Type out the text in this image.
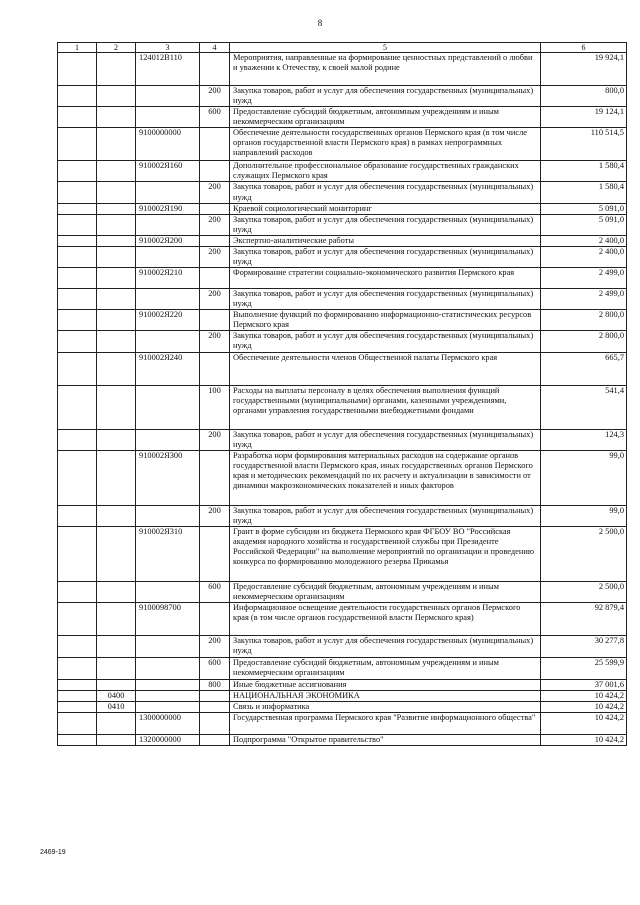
8
1	2	3	4	5	6
		124012В110		Мероприятия, направленные на формирование ценностных представлений о любви и уважении к Отечеству, к своей малой родине	19 924,1
			200	Закупка товаров, работ и услуг для обеспечения государственных (муниципальных) нужд	800,0
			600	Предоставление субсидий бюджетным, автономным учреждениям и иным некоммерческим организациям	19 124,1
		9100000000		Обеспечение деятельности государственных органов Пермского края (в том числе органов государственной власти Пермского края) в рамках непрограммных направлений расходов	110 514,5
		910002Я160		Дополнительное профессиональное образование государственных гражданских служащих Пермского края	1 580,4
			200	Закупка товаров, работ и услуг для обеспечения государственных (муниципальных) нужд	1 580,4
		910002Я190		Краевой социологический мониторинг	5 091,0
			200	Закупка товаров, работ и услуг для обеспечения государственных (муниципальных) нужд	5 091,0
		910002Я200		Экспертно-аналитические работы	2 400,0
			200	Закупка товаров, работ и услуг для обеспечения государственных (муниципальных) нужд	2 400,0
		910002Я210		Формирование стратегии социально-экономического развития Пермского края	2 499,0
			200	Закупка товаров, работ и услуг для обеспечения государственных (муниципальных) нужд	2 499,0
		910002Я220		Выполнение функций по формированию информационно-статистических ресурсов Пермского края	2 800,0
			200	Закупка товаров, работ и услуг для обеспечения государственных (муниципальных) нужд	2 800,0
		910002Я240		Обеспечение деятельности членов Общественной палаты Пермского края	665,7
			100	Расходы на выплаты персоналу в целях обеспечения выполнения функций государственными (муниципальными) органами, казенными учреждениями, органами управления государственными внебюджетными фондами	541,4
			200	Закупка товаров, работ и услуг для обеспечения государственных (муниципальных) нужд	124,3
		910002Я300		Разработка норм формирования материальных расходов на содержание органов государственной власти Пермского края, иных государственных органов Пермского края и методических рекомендаций по их расчету и актуализации в зависимости от динамики макроэкономических показателей и иных факторов	99,0
			200	Закупка товаров, работ и услуг для обеспечения государственных (муниципальных) нужд	99,0
		910002Я310		Грант в форме субсидии из бюджета Пермского края ФГБОУ ВО "Российская академия народного хозяйства и государственной службы при Президенте Российской Федерации" на выполнение мероприятий по организации и проведению конкурса по формированию молодежного резерва Прикамья	2 500,0
			600	Предоставление субсидий бюджетным, автономным учреждениям и иным некоммерческим организациям	2 500,0
		9100098700		Информационное освещение деятельности государственных органов Пермского края (в том числе органов государственной власти Пермского края)	92 879,4
			200	Закупка товаров, работ и услуг для обеспечения государственных (муниципальных) нужд	30 277,8
			600	Предоставление субсидий бюджетным, автономным учреждениям и иным некоммерческим организациям	25 599,9
			800	Иные бюджетные ассигнования	37 001,6
	0400			НАЦИОНАЛЬНАЯ ЭКОНОМИКА	10 424,2
	0410			Связь и информатика	10 424,2
		1300000000		Государственная программа Пермского края "Развитие информационного общества"	10 424,2
		1320000000		Подпрограмма "Открытое правительство"	10 424,2
2469-19
